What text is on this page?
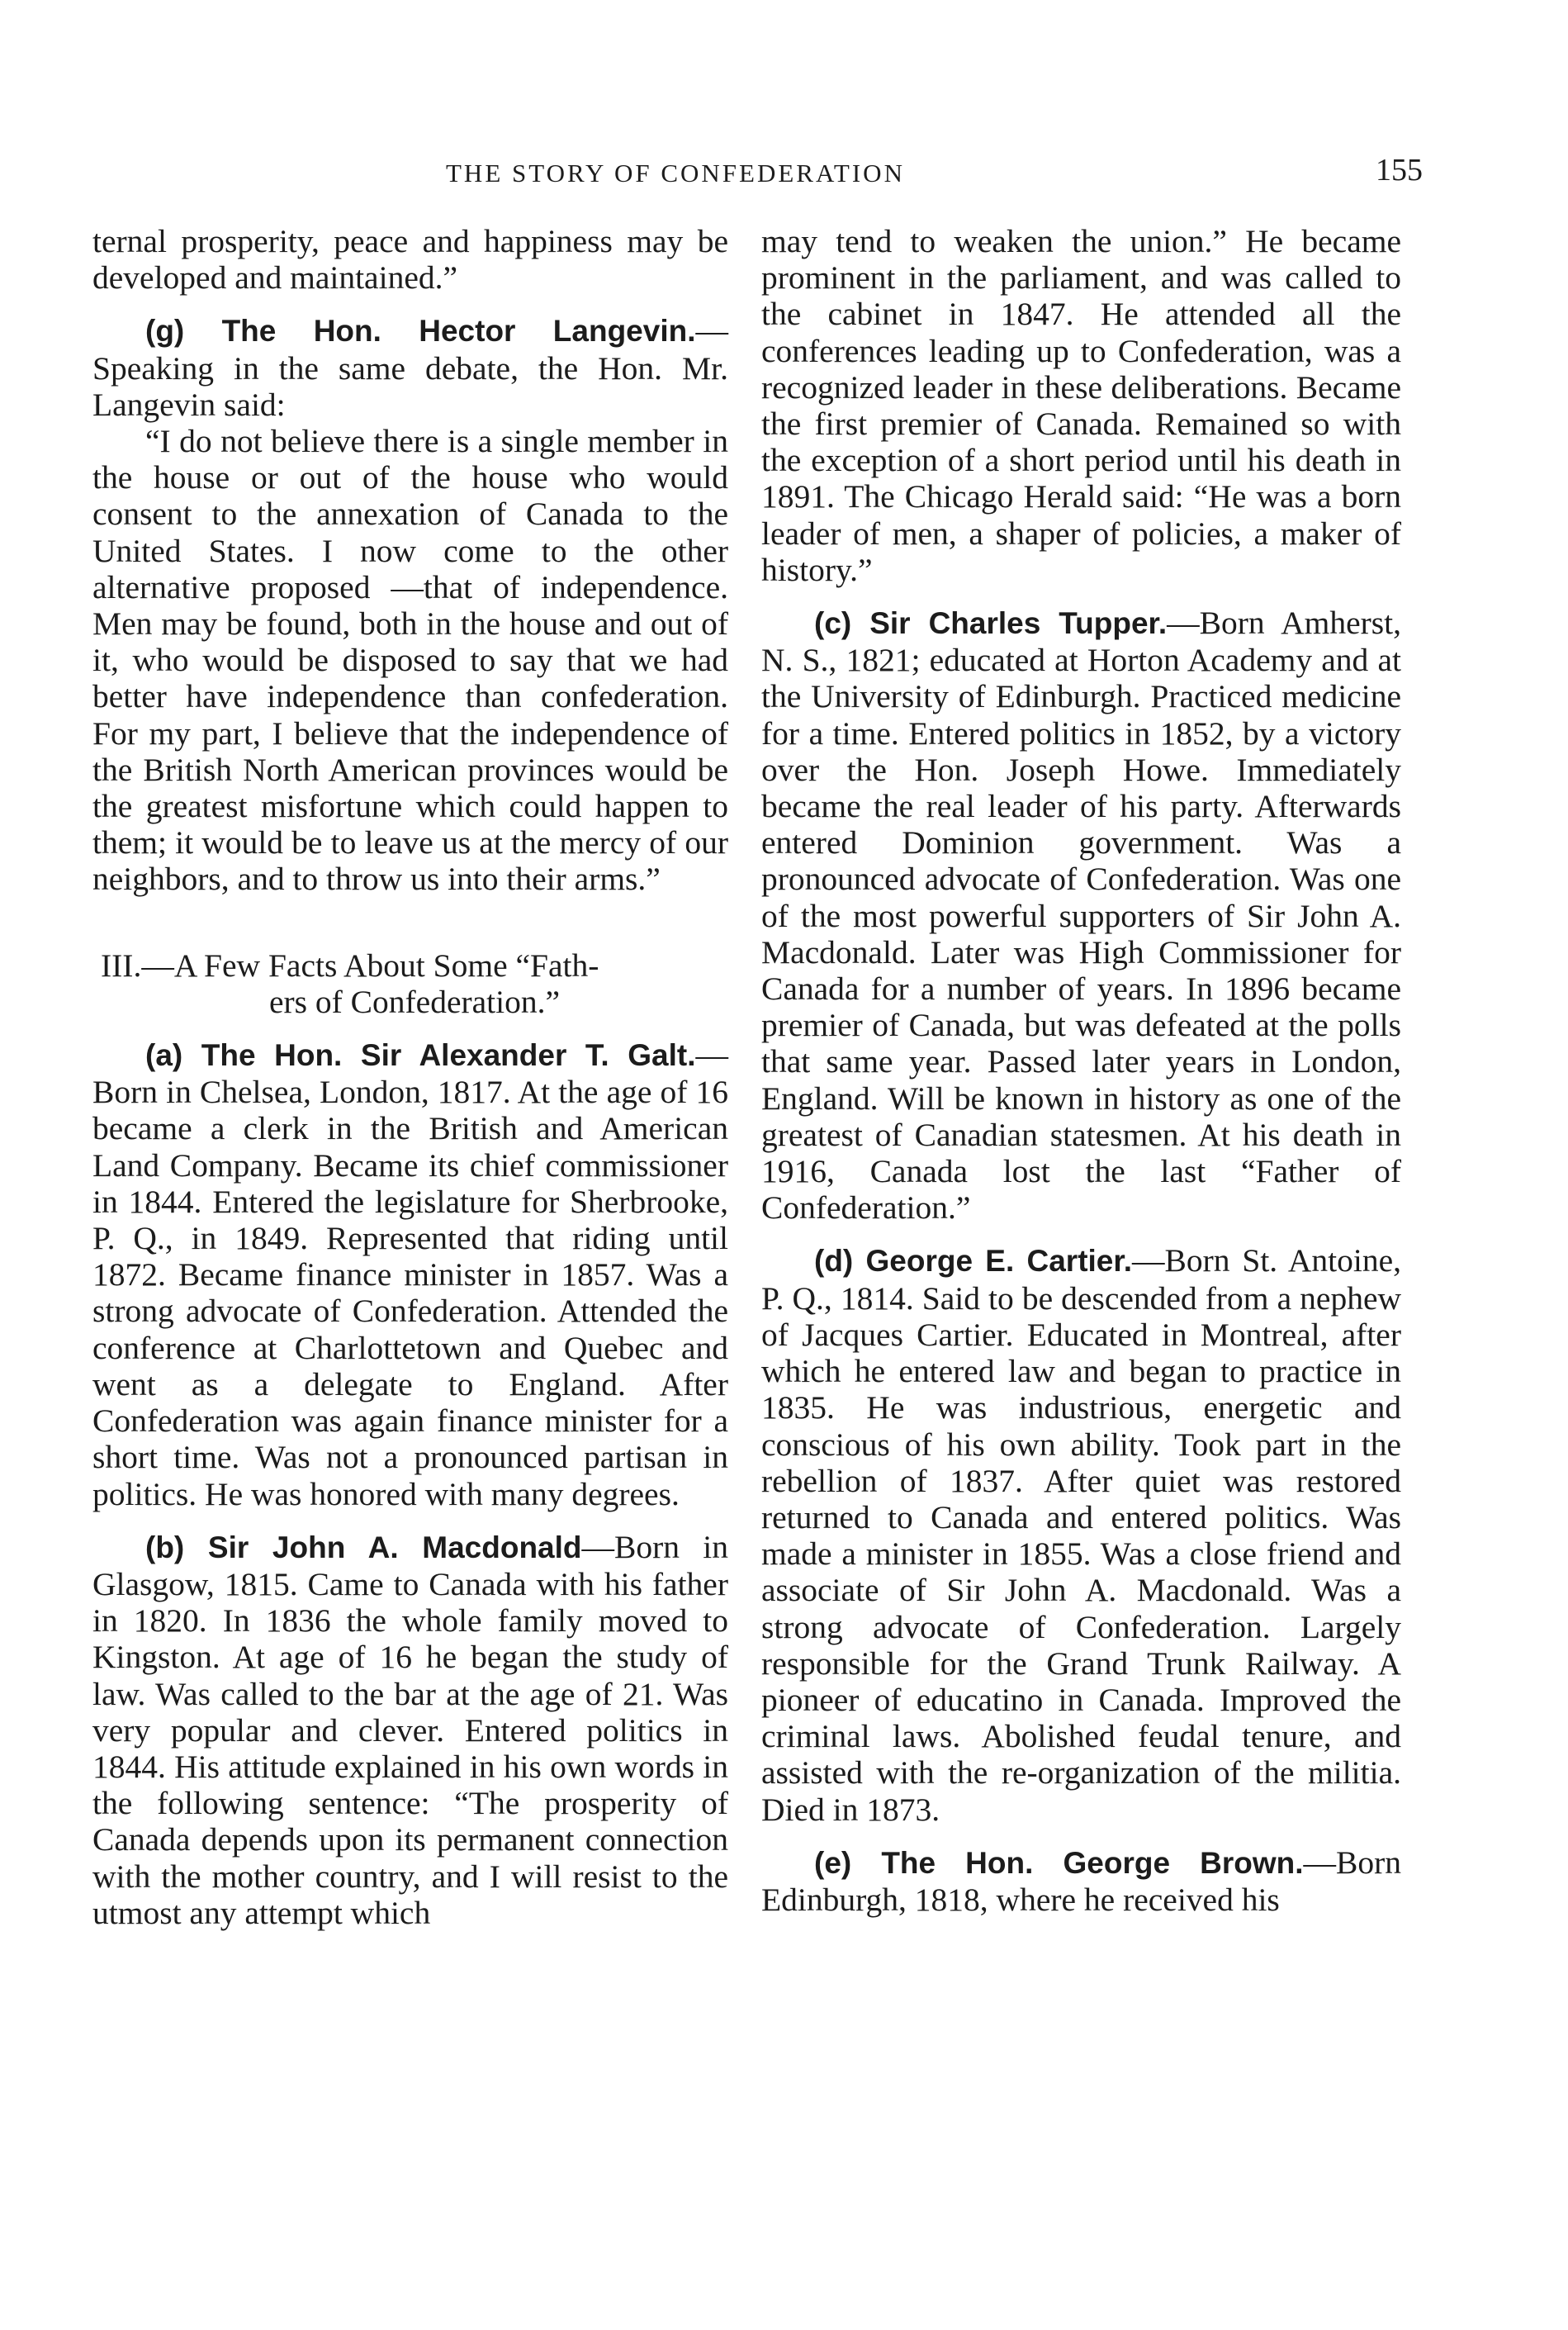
THE STORY OF CONFEDERATION	155

ternal prosperity, peace and happiness may be developed and maintained.”

(g) The Hon. Hector Langevin.— Speaking in the same debate, the Hon. Mr. Langevin said:

“I do not believe there is a single member in the house or out of the house who would consent to the annexation of Canada to the United States. I now come to the other alternative proposed —that of independence. Men may be found, both in the house and out of it, who would be disposed to say that we had better have independence than confederation. For my part, I believe that the independence of the British North American provinces would be the greatest misfortune which could happen to them; it would be to leave us at the mercy of our neighbors, and to throw us into their arms.”

III.—A Few Facts About Some “Fath-
ers of Confederation.”

(a) The Hon. Sir Alexander T. Galt.—Born in Chelsea, London, 1817. At the age of 16 became a clerk in the British and American Land Company. Became its chief commissioner in 1844. Entered the legislature for Sherbrooke, P. Q., in 1849. Represented that riding until 1872. Became finance minister in 1857. Was a strong advocate of Confederation. Attended the conference at Charlottetown and Quebec and went as a delegate to England. After Confederation was again finance minister for a short time. Was not a pronounced partisan in politics. He was honored with many degrees.

(b) Sir John A. Macdonald—Born in Glasgow, 1815. Came to Canada with his father in 1820. In 1836 the whole family moved to Kingston. At age of 16 he began the study of law. Was called to the bar at the age of 21. Was very popular and clever. Entered politics in 1844. His attitude explained in his own words in the following sentence: “The prosperity of Canada depends upon its permanent connection with the mother country, and I will resist to the utmost any attempt which

may tend to weaken the union.” He became prominent in the parliament, and was called to the cabinet in 1847. He attended all the conferences leading up to Confederation, was a recognized leader in these deliberations. Became the first premier of Canada. Remained so with the exception of a short period until his death in 1891. The Chicago Herald said: “He was a born leader of men, a shaper of policies, a maker of history.”

(c) Sir Charles Tupper.—Born Amherst, N. S., 1821; educated at Horton Academy and at the University of Edinburgh. Practiced medicine for a time. Entered politics in 1852, by a victory over the Hon. Joseph Howe. Immediately became the real leader of his party. Afterwards entered Dominion government. Was a pronounced advocate of Confederation. Was one of the most powerful supporters of Sir John A. Macdonald. Later was High Commissioner for Canada for a number of years. In 1896 became premier of Canada, but was defeated at the polls that same year. Passed later years in London, England. Will be known in history as one of the greatest of Canadian statesmen. At his death in 1916, Canada lost the last “Father of Confederation.”

(d) George E. Cartier.—Born St. Antoine, P. Q., 1814. Said to be descended from a nephew of Jacques Cartier. Educated in Montreal, after which he entered law and began to practice in 1835. He was industrious, energetic and conscious of his own ability. Took part in the rebellion of 1837. After quiet was restored returned to Canada and entered politics. Was made a minister in 1855. Was a close friend and associate of Sir John A. Macdonald. Was a strong advocate of Confederation. Largely responsible for the Grand Trunk Railway. A pioneer of educatino in Canada. Improved the criminal laws. Abolished feudal tenure, and assisted with the re-organization of the militia. Died in 1873.

(e) The Hon. George Brown.—Born Edinburgh, 1818, where he received his
